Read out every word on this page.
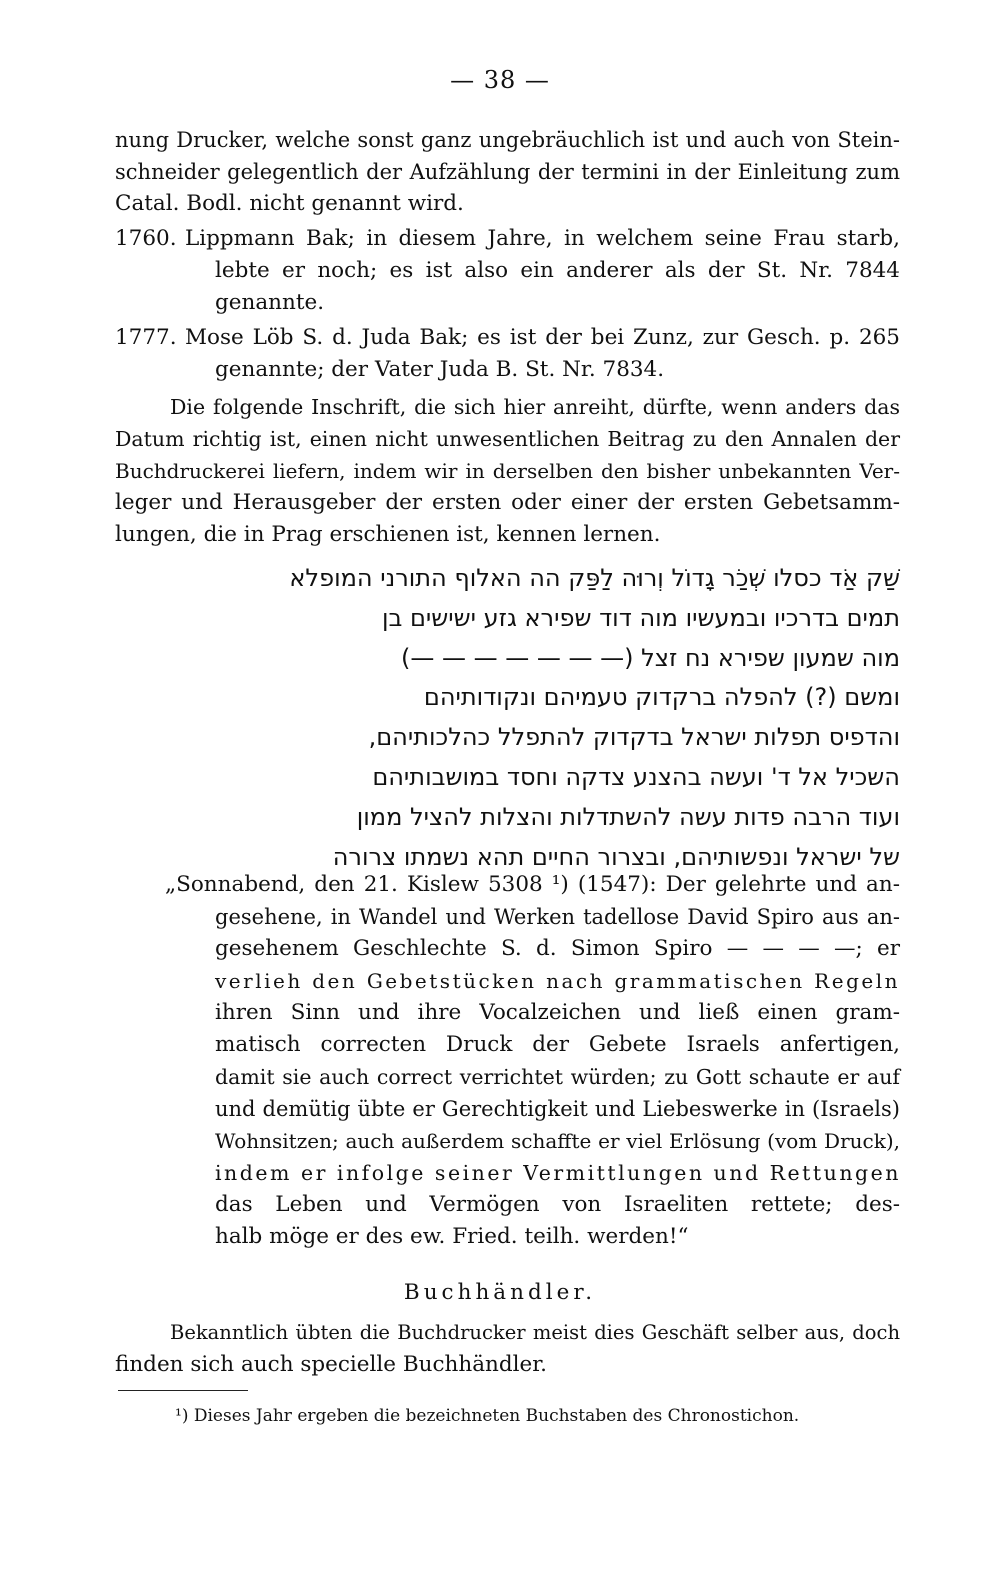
— 38 —
nung Drucker, welche sonst ganz ungebräuchlich ist und auch von Stein-
schneider gelegentlich der Aufzählung der termini in der Einleitung zum
Catal. Bodl. nicht genannt wird.
1760. Lippmann Bak; in diesem Jahre, in welchem seine Frau starb,
lebte er noch; es ist also ein anderer als der St. Nr. 7844
genannte.
1777. Mose Löb S. d. Juda Bak; es ist der bei Zunz, zur Gesch. p. 265
genannte; der Vater Juda B. St. Nr. 7834.
Die folgende Inschrift, die sich hier anreiht, dürfte, wenn anders das
Datum richtig ist, einen nicht unwesentlichen Beitrag zu den Annalen der
Buchdruckerei liefern, indem wir in derselben den bisher unbekannten Ver-
leger und Herausgeber der ersten oder einer der ersten Gebetsamm-
lungen, die in Prag erschienen ist, kennen lernen.
שַׁק אַׂד כסלו שְׁכַׂר גָדוֹל וְרוּה לַפַּק הה האלוף התורני המופלא
תמים בדרכיו ובמעשיו מוה דוד שפירא גזע ישישים בן
מוה שמעון שפירא נח זצל (— — — — — — —)
ומשם (?) להפלה ברקדוק טעמיהם ונקודותיהם
והדפיס תפלות ישראל בדקדוק להתפלל כהלכותיהם,
השכיל אל ד' ועשה בהצנע צדקה וחסד במושבותיהם
ועוד הרבה פדות עשה להשתדלות והצלות להציל ממון
של ישראל ונפשותיהם, ובצרור החיים תהא נשמתו צרורה
„Sonnabend, den 21. Kislew 5308 ¹) (1547): Der gelehrte und an-
gesehene, in Wandel und Werken tadellose David Spiro aus an-
gesehenem Geschlechte S. d. Simon Spiro — — — —; er
verlieh den Gebetstücken nach grammatischen Regeln
ihren Sinn und ihre Vocalzeichen und ließ einen gram-
matisch correcten Druck der Gebete Israels anfertigen,
damit sie auch correct verrichtet würden; zu Gott schaute er auf
und demütig übte er Gerechtigkeit und Liebeswerke in (Israels)
Wohnsitzen; auch außerdem schaffte er viel Erlösung (vom Druck),
indem er infolge seiner Vermittlungen und Rettungen
das Leben und Vermögen von Israeliten rettete; des-
halb möge er des ew. Fried. teilh. werden!“
Buchhändler.
Bekanntlich übten die Buchdrucker meist dies Geschäft selber aus, doch
finden sich auch specielle Buchhändler.
¹) Dieses Jahr ergeben die bezeichneten Buchstaben des Chronostichon.
